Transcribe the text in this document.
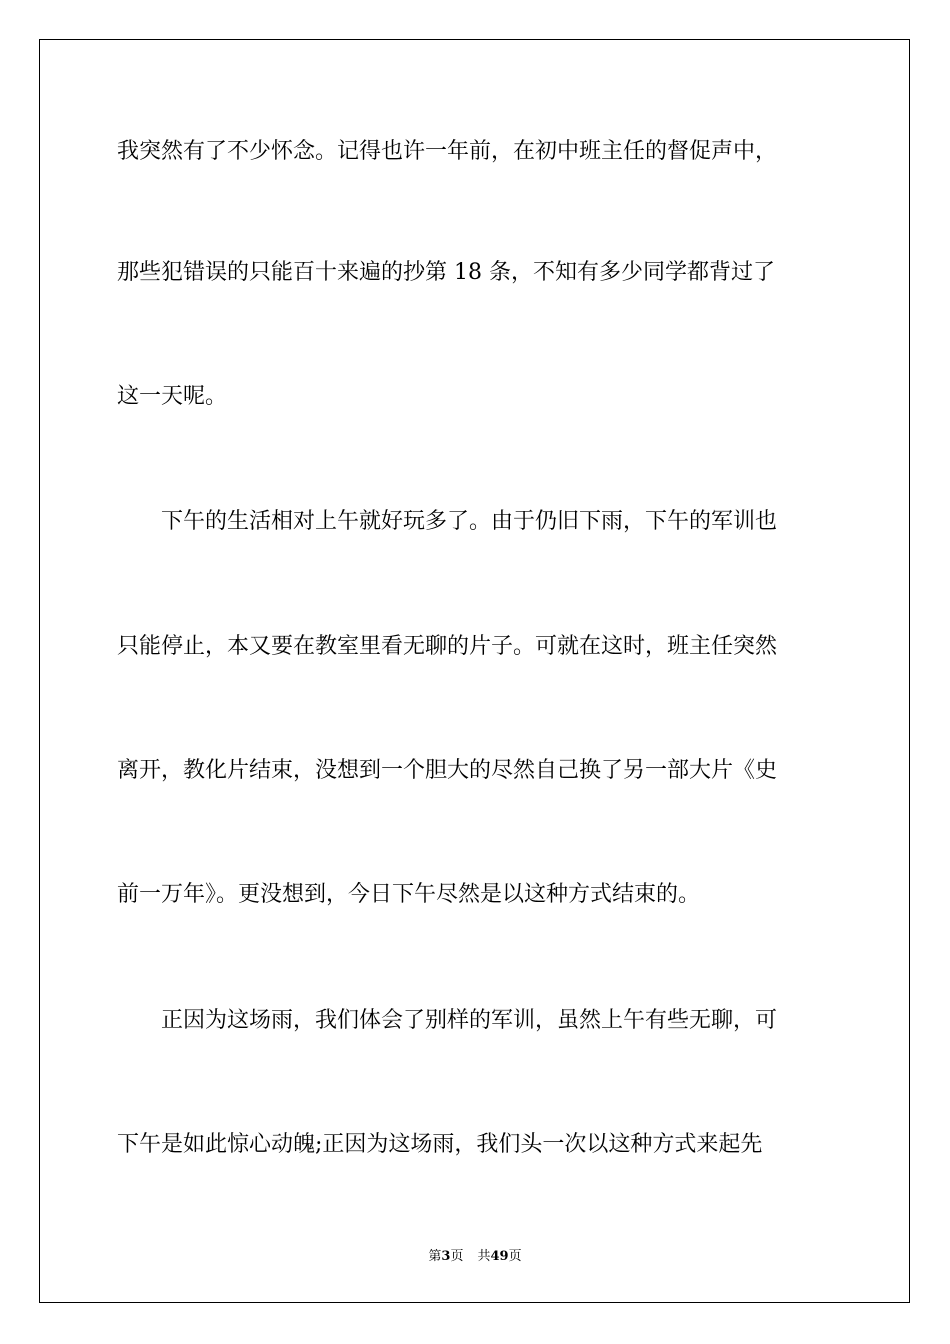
我突然有了不少怀念。记得也许一年前，在初中班主任的督促声中，
那些犯错误的只能百十来遍的抄第 18 条，不知有多少同学都背过了
这一天呢。
下午的生活相对上午就好玩多了。由于仍旧下雨，下午的军训也
只能停止，本又要在教室里看无聊的片子。可就在这时，班主任突然
离开，教化片结束，没想到一个胆大的尽然自己换了另一部大片《史
前一万年》。更没想到，今日下午尽然是以这种方式结束的。
正因为这场雨，我们体会了别样的军训，虽然上午有些无聊，可
下午是如此惊心动魄;正因为这场雨，我们头一次以这种方式来起先
第3页 共49页
